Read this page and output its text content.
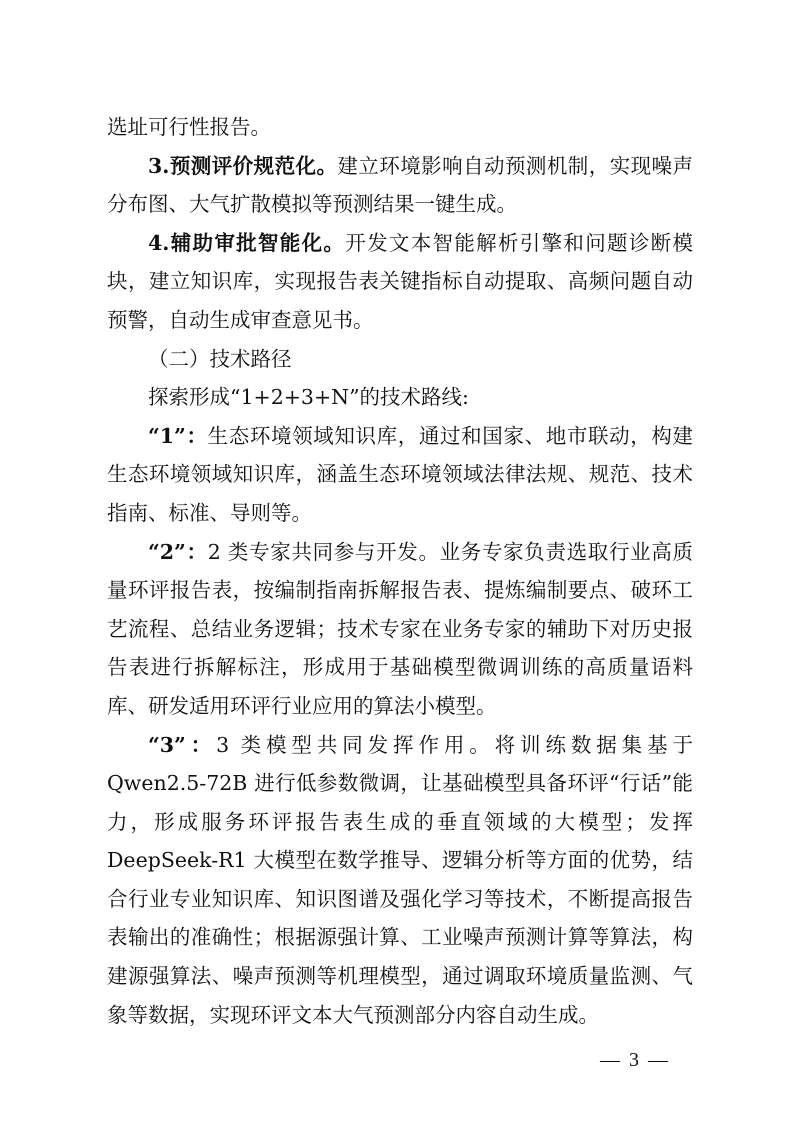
选址可行性报告。

3.预测评价规范化。建立环境影响自动预测机制，实现噪声分布图、大气扩散模拟等预测结果一键生成。

4.辅助审批智能化。开发文本智能解析引擎和问题诊断模块，建立知识库，实现报告表关键指标自动提取、高频问题自动预警，自动生成审查意见书。

（二）技术路径

探索形成“1+2+3+N”的技术路线:

“1”：生态环境领域知识库，通过和国家、地市联动，构建生态环境领域知识库，涵盖生态环境领域法律法规、规范、技术指南、标准、导则等。

“2”：2 类专家共同参与开发。业务专家负责选取行业高质量环评报告表，按编制指南拆解报告表、提炼编制要点、破环工艺流程、总结业务逻辑；技术专家在业务专家的辅助下对历史报告表进行拆解标注，形成用于基础模型微调训练的高质量语料库、研发适用环评行业应用的算法小模型。

“3”：3 类模型共同发挥作用。将训练数据集基于 Qwen2.5-72B 进行低参数微调，让基础模型具备环评“行话”能力，形成服务环评报告表生成的垂直领域的大模型；发挥 DeepSeek-R1 大模型在数学推导、逻辑分析等方面的优势，结合行业专业知识库、知识图谱及强化学习等技术，不断提高报告表输出的准确性；根据源强计算、工业噪声预测计算等算法，构建源强算法、噪声预测等机理模型，通过调取环境质量监测、气象等数据，实现环评文本大气预测部分内容自动生成。

— 3 —
